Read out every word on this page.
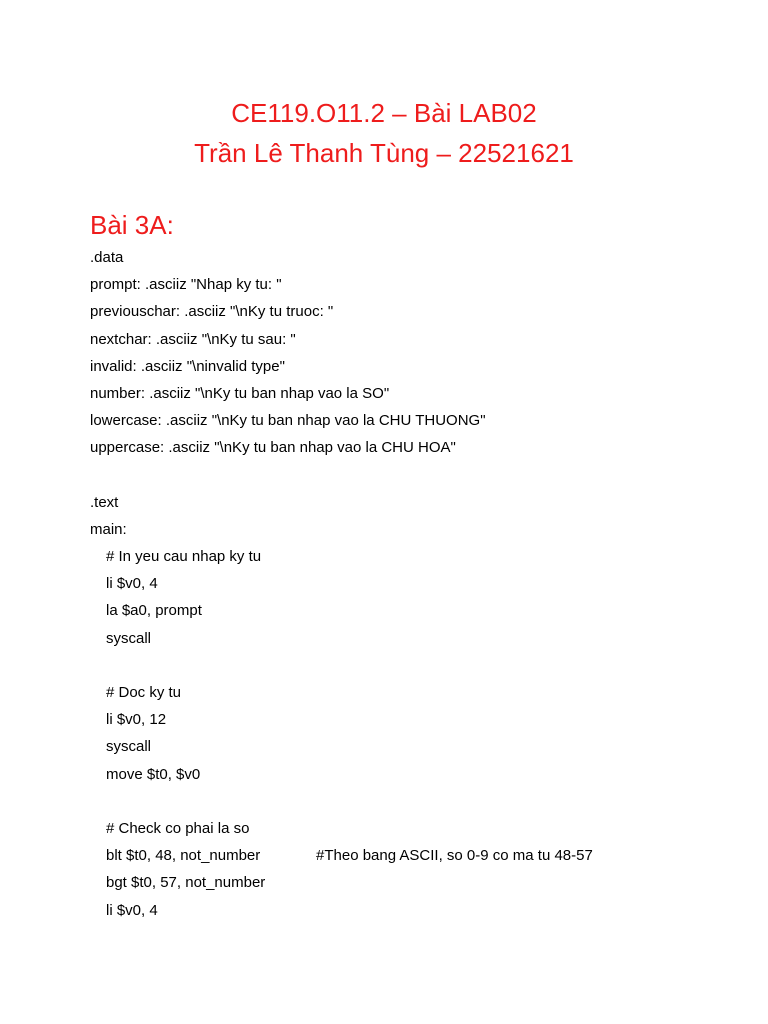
CE119.O11.2 – Bài LAB02
Trần Lê Thanh Tùng – 22521621
Bài 3A:
.data
prompt: .asciiz "Nhap ky tu: "
previouschar: .asciiz "\nKy tu truoc: "
nextchar: .asciiz "\nKy tu sau: "
invalid: .asciiz "\ninvalid type"
number: .asciiz "\nKy tu ban nhap vao la SO"
lowercase: .asciiz "\nKy tu ban nhap vao la CHU THUONG"
uppercase: .asciiz "\nKy tu ban nhap vao la CHU HOA"
.text
main:
# In yeu cau nhap ky tu
li $v0, 4
la $a0, prompt
syscall
# Doc ky tu
li $v0, 12
syscall
move $t0, $v0
# Check co phai la so
blt $t0, 48, not_number	#Theo bang ASCII, so 0-9 co ma tu 48-57
bgt $t0, 57, not_number
li $v0, 4
